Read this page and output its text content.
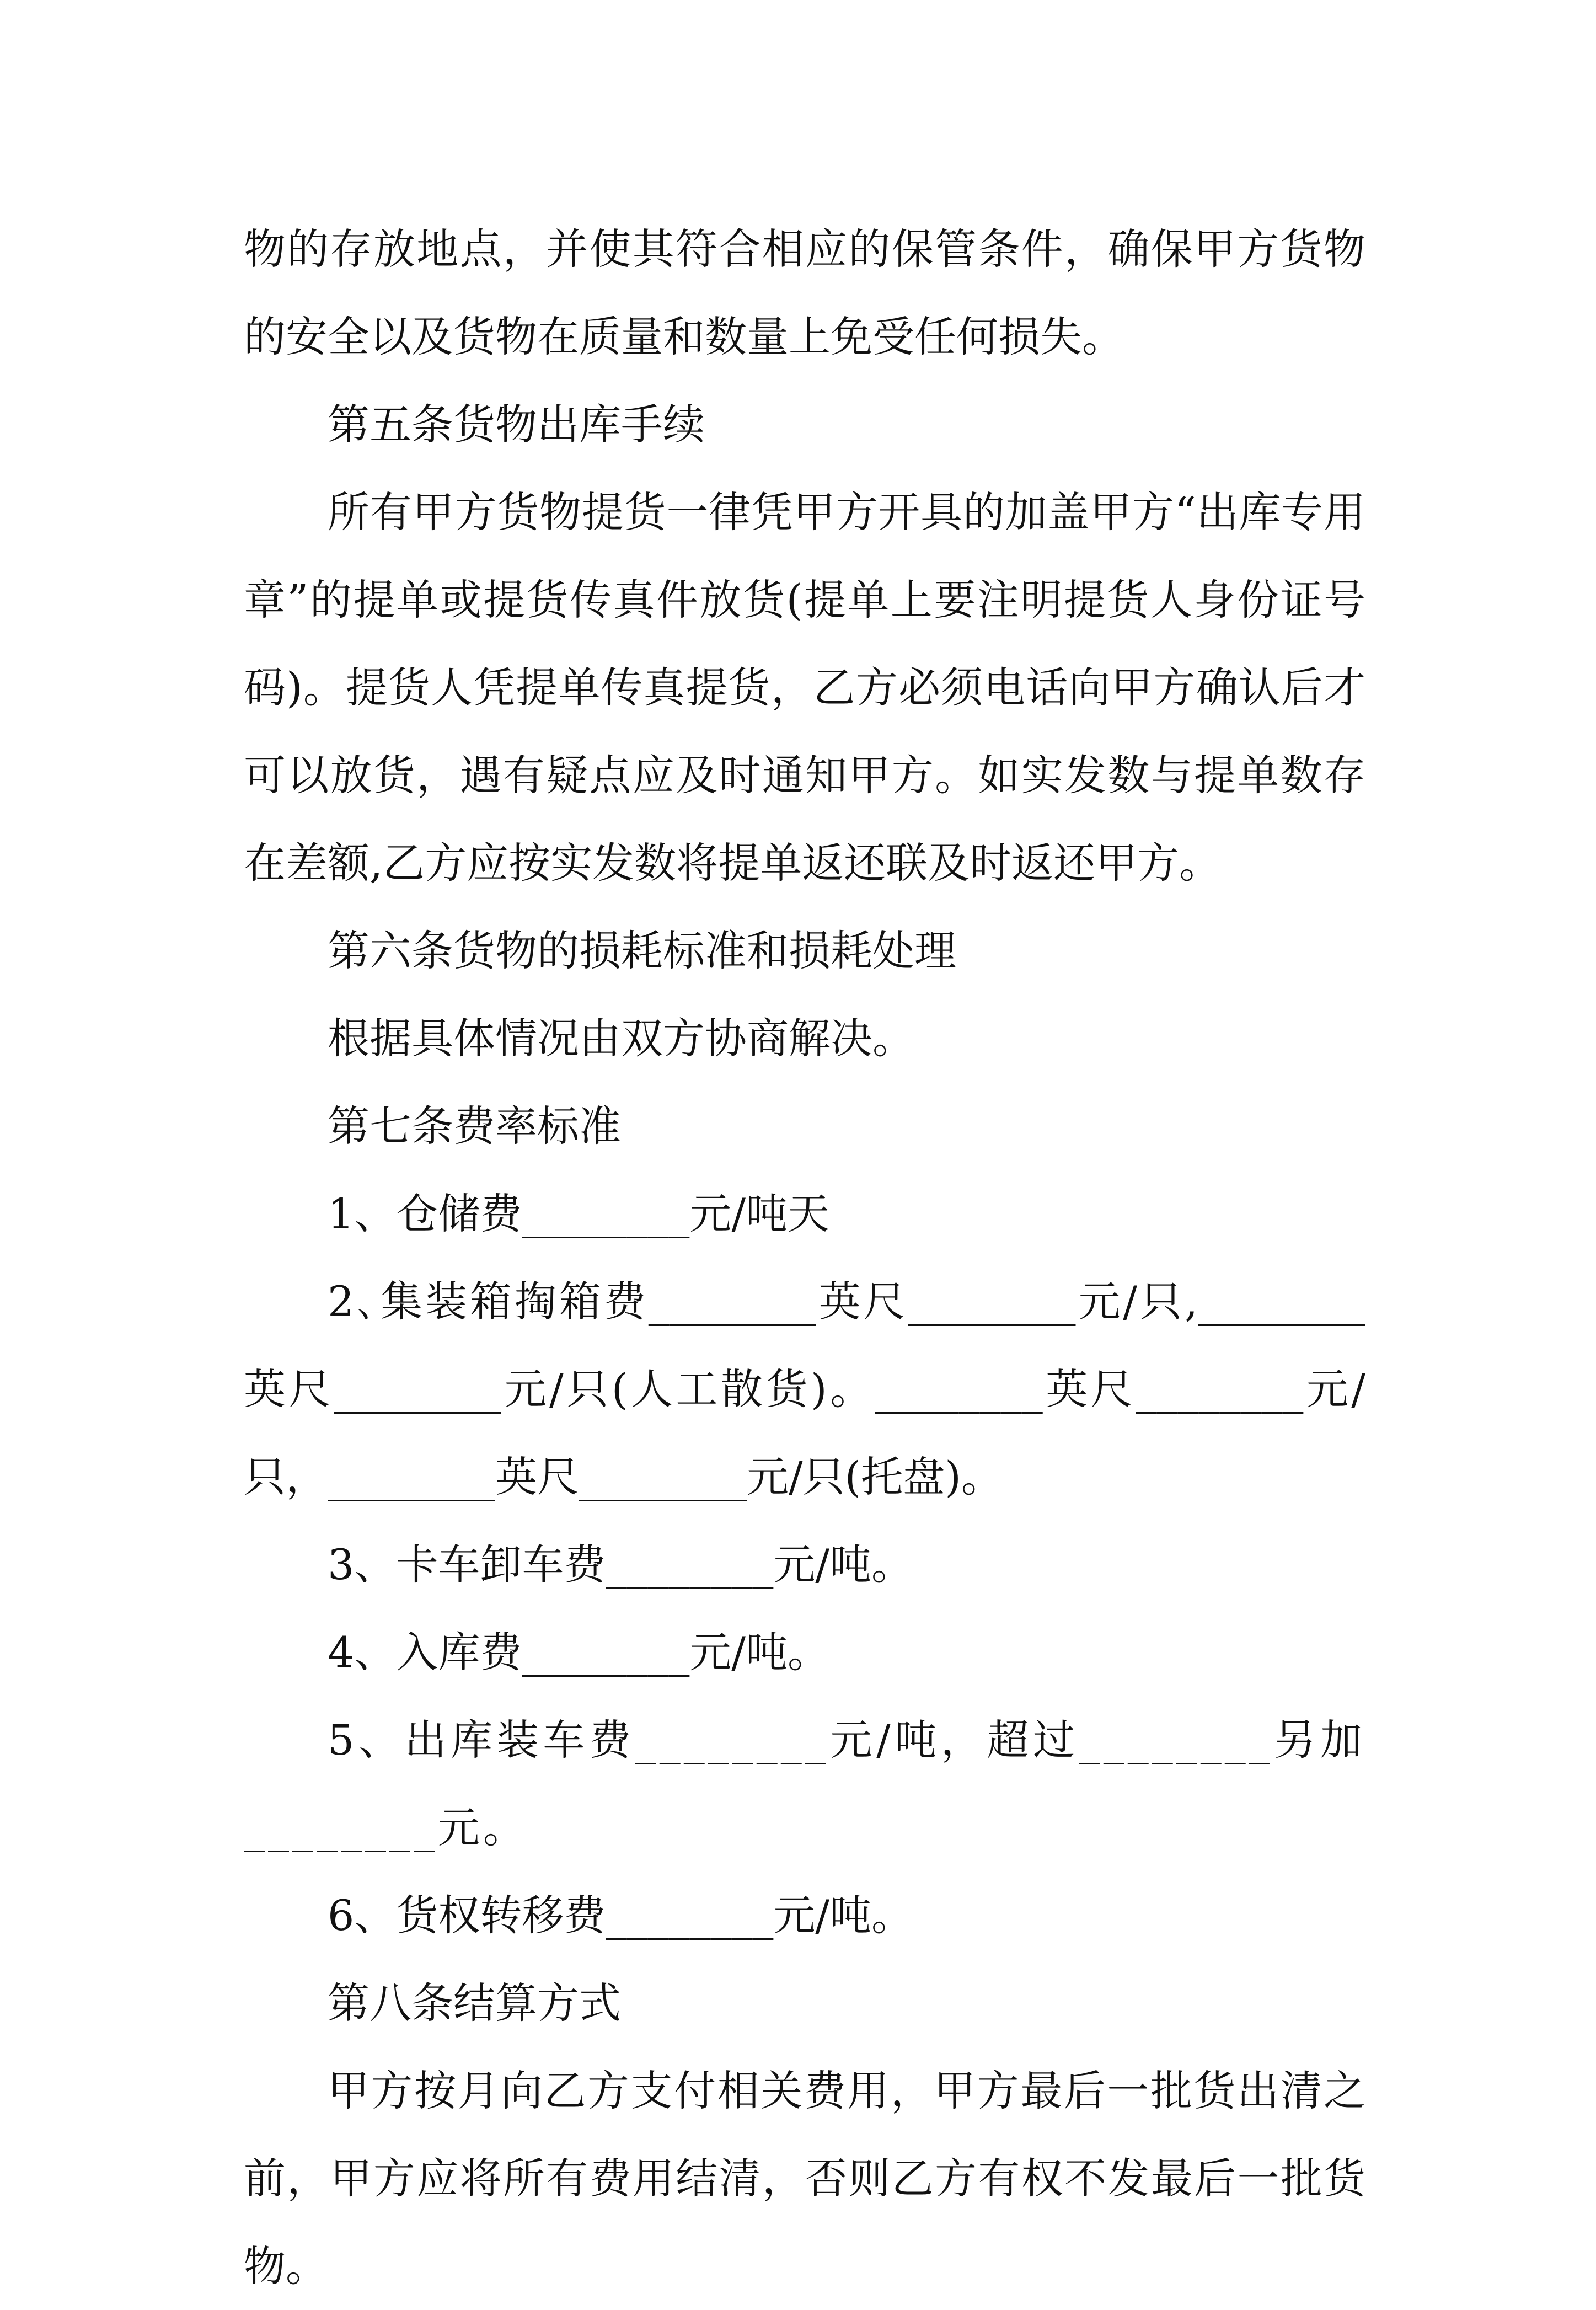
物的存放地点，并使其符合相应的保管条件，确保甲方货物的安全以及货物在质量和数量上免受任何损失。

第五条货物出库手续

所有甲方货物提货一律凭甲方开具的加盖甲方“出库专用章”的提单或提货传真件放货(提单上要注明提货人身份证号码)。提货人凭提单传真提货，乙方必须电话向甲方确认后才可以放货，遇有疑点应及时通知甲方。如实发数与提单数存在差额,乙方应按实发数将提单返还联及时返还甲方。

第六条货物的损耗标准和损耗处理

根据具体情况由双方协商解决。

第七条费率标准

1、仓储费________元/吨天

2､集装箱掏箱费________英尺________元/只,________英尺________元/只(人工散货)。________英尺________元/只，________英尺________元/只(托盘)。

3、卡车卸车费________元/吨。

4、入库费________元/吨。

5、出库装车费________元/吨，超过________另加________元。

6、货权转移费________元/吨。

第八条结算方式

甲方按月向乙方支付相关费用，甲方最后一批货出清之前，甲方应将所有费用结清，否则乙方有权不发最后一批货物。
